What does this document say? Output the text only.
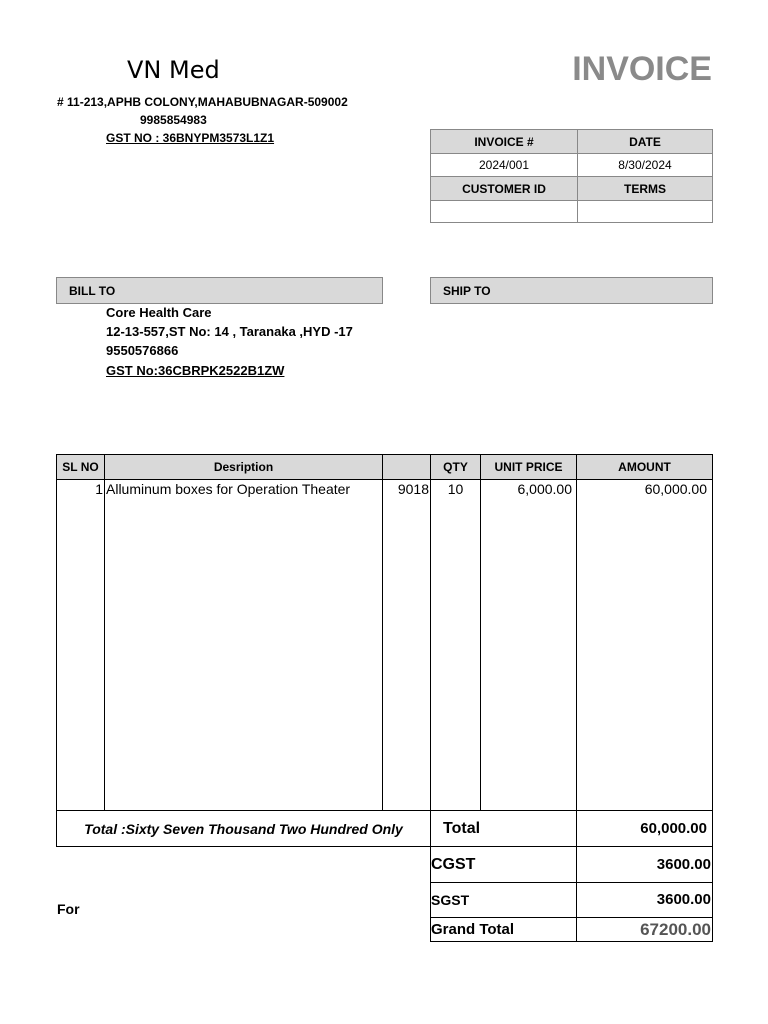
VN Med	INVOICE
# 11-213,APHB COLONY,MAHABUBNAGAR-509002
9985854983
GST NO : 36BNYPM3573L1Z1	INVOICE #	DATE
2024/001	8/30/2024
CUSTOMER ID	TERMS
BILL TO	SHIP TO
Core Health Care
12-13-557,ST No: 14 , Taranaka ,HYD -17
9550576866
GST No:36CBRPK2522B1ZW
SL NO	Desription	QTY	UNIT PRICE	AMOUNT
1 Alluminum boxes for Operation Theater	9018	10	6,000.00	60,000.00
Total :Sixty Seven Thousand Two Hundred Only	Total	60,000.00
CGST	3600.00
SGST	3600.00
Grand Total	67200.00
For
